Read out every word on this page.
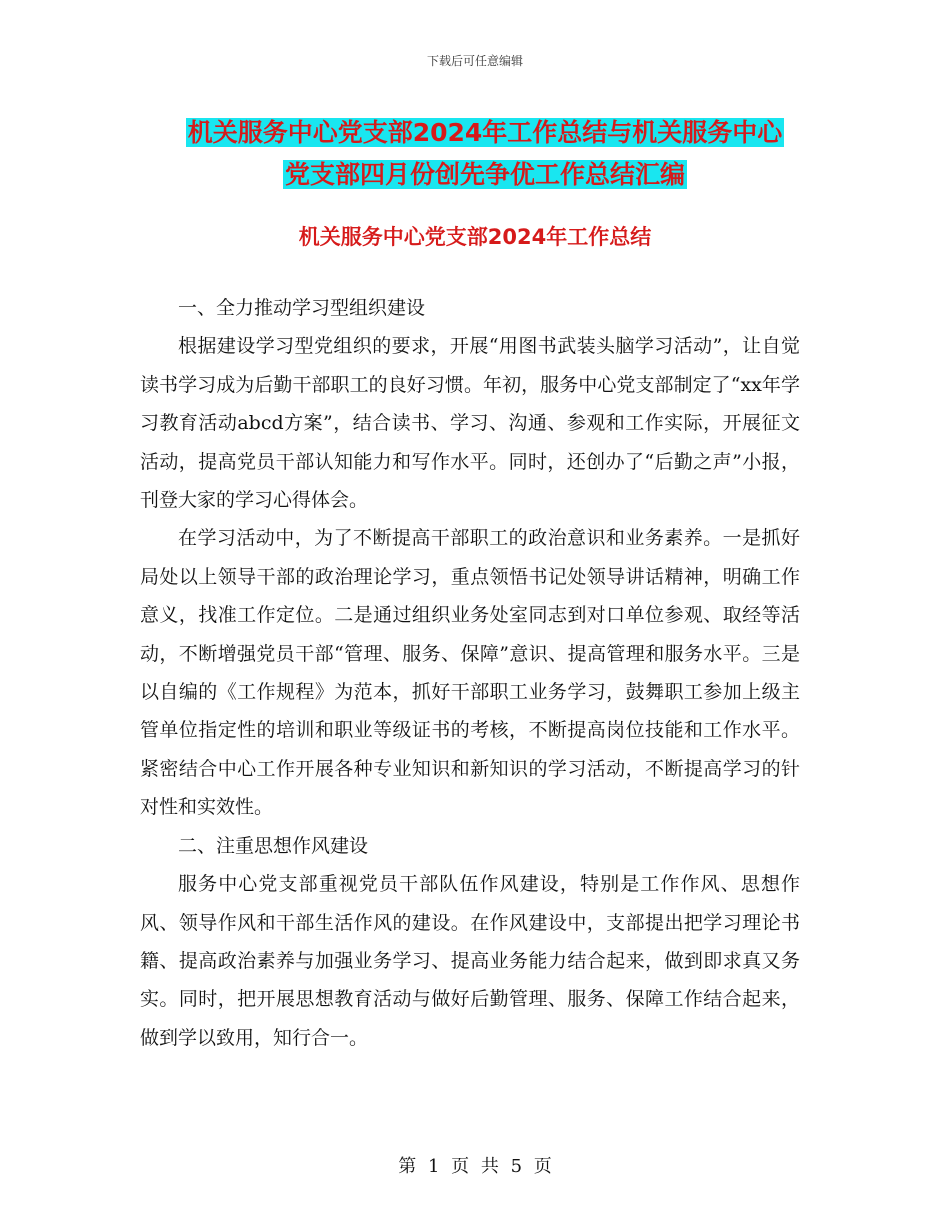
下载后可任意编辑
机关服务中心党支部2024年工作总结与机关服务中心
党支部四月份创先争优工作总结汇编
机关服务中心党支部2024年工作总结

一、全力推动学习型组织建设

根据建设学习型党组织的要求，开展“用图书武装头脑学习活动”，让自觉读书学习成为后勤干部职工的良好习惯。年初，服务中心党支部制定了“xx年学习教育活动abcd方案”，结合读书、学习、沟通、参观和工作实际，开展征文活动，提高党员干部认知能力和写作水平。同时，还创办了“后勤之声”小报，刊登大家的学习心得体会。

在学习活动中，为了不断提高干部职工的政治意识和业务素养。一是抓好局处以上领导干部的政治理论学习，重点领悟书记处领导讲话精神，明确工作意义，找准工作定位。二是通过组织业务处室同志到对口单位参观、取经等活动，不断增强党员干部“管理、服务、保障”意识、提高管理和服务水平。三是以自编的《工作规程》为范本，抓好干部职工业务学习，鼓舞职工参加上级主管单位指定性的培训和职业等级证书的考核，不断提高岗位技能和工作水平。紧密结合中心工作开展各种专业知识和新知识的学习活动，不断提高学习的针对性和实效性。

二、注重思想作风建设

服务中心党支部重视党员干部队伍作风建设，特别是工作作风、思想作风、领导作风和干部生活作风的建设。在作风建设中，支部提出把学习理论书籍、提高政治素养与加强业务学习、提高业务能力结合起来，做到即求真又务实。同时，把开展思想教育活动与做好后勤管理、服务、保障工作结合起来，做到学以致用，知行合一。

第 1 页 共 5 页
